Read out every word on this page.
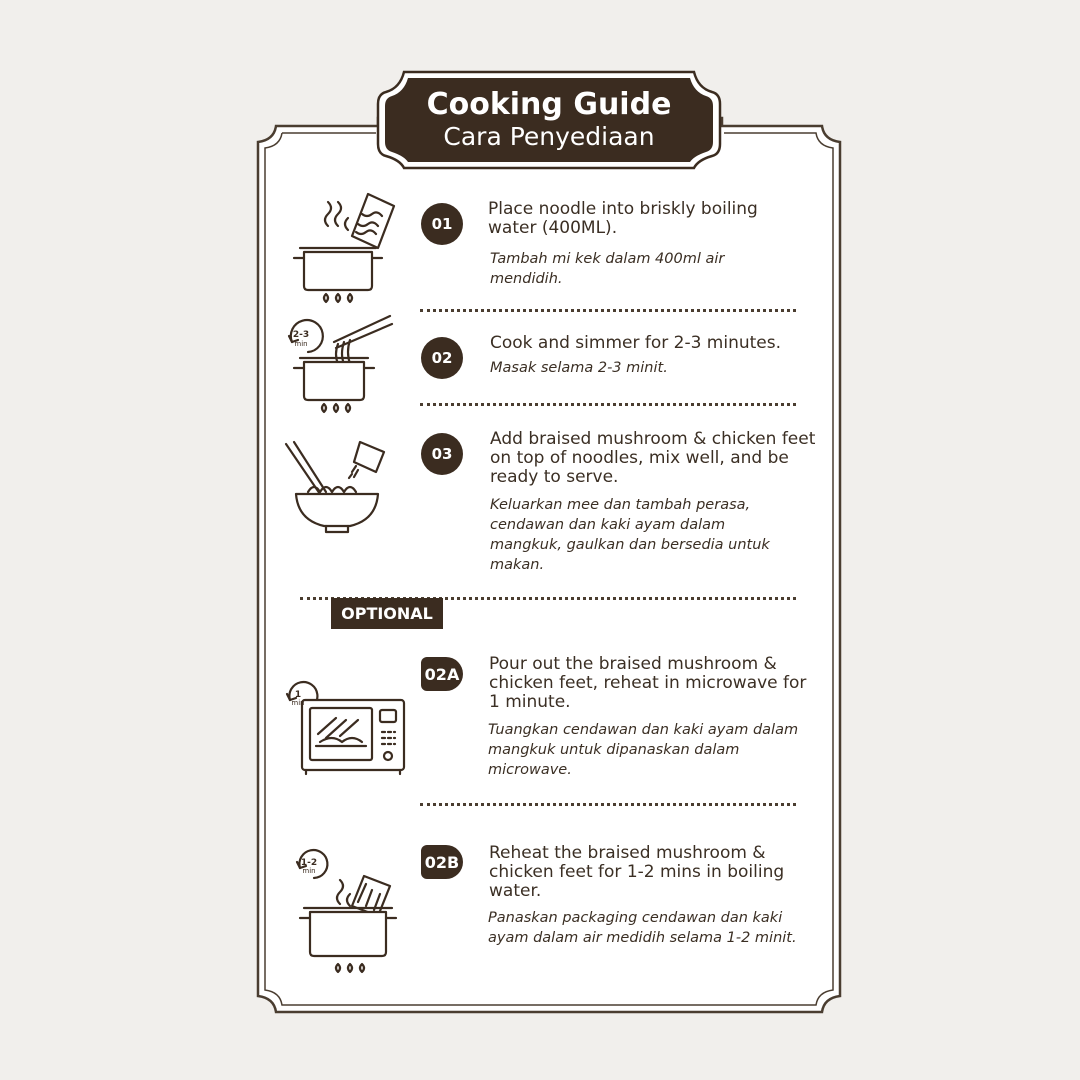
Cooking Guide
Cara Penyediaan
01
Place noodle into briskly boiling water (400ML).
Tambah mi kek dalam 400ml air mendidih.
2-3
min
02
Cook and simmer for 2-3 minutes.
Masak selama 2-3 minit.
03
Add braised mushroom & chicken feet on top of noodles, mix well, and be ready to serve.
Keluarkan mee dan tambah perasa, cendawan dan kaki ayam dalam mangkuk, gaulkan dan bersedia untuk makan.
OPTIONAL
1
min
02A Pour out the braised mushroom & chicken feet, reheat in microwave for 1 minute.
Tuangkan cendawan dan kaki ayam dalam mangkuk untuk dipanaskan dalam microwave.
1-2
min	02B Reheat the braised mushroom & chicken feet for 1-2 mins in boiling water.
Panaskan packaging cendawan dan kaki ayam dalam air medidih selama 1-2 minit.
